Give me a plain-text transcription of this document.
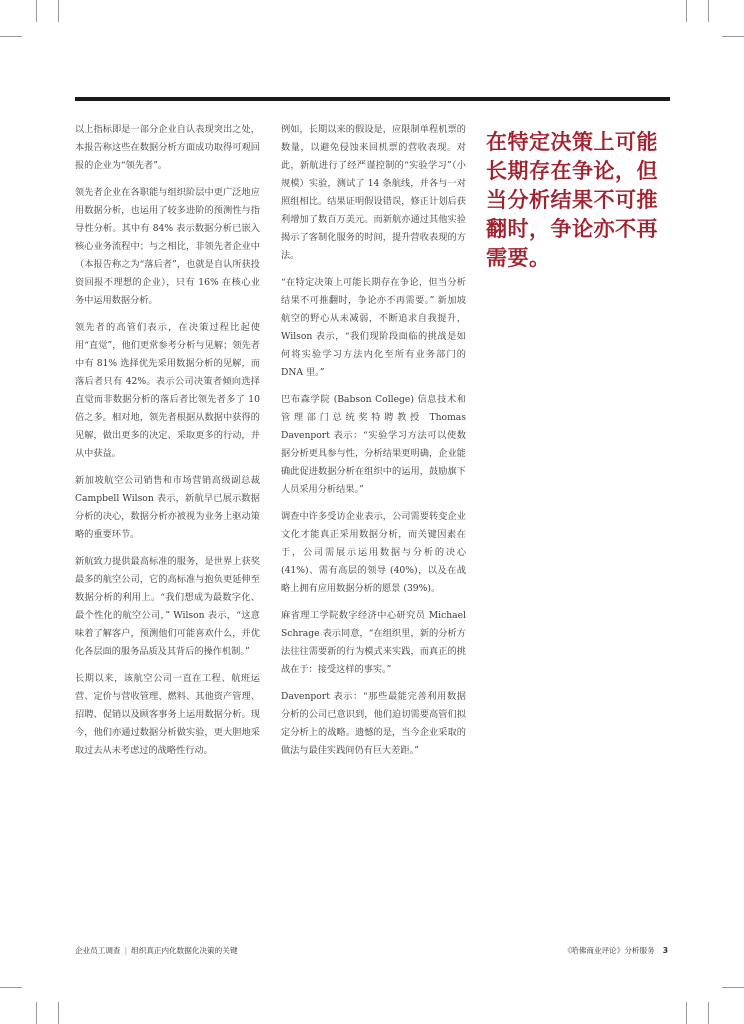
以上指标即是一部分企业自认表现突出之处，本报告称这些在数据分析方面成功取得可观回报的企业为“领先者”。

领先者企业在各职能与组织阶层中更广泛地应用数据分析，也运用了较多进阶的预测性与指导性分析。其中有 84% 表示数据分析已嵌入核心业务流程中；与之相比，非领先者企业中（本报告称之为“落后者”，也就是自认所获投资回报不理想的企业），只有 16% 在核心业务中运用数据分析。

领先者的高管们表示，在决策过程比起使用“直觉”，他们更常参考分析与见解；领先者中有 81% 选择优先采用数据分析的见解，而落后者只有 42%。表示公司决策者倾向选择直觉而非数据分析的落后者比领先者多了 10 倍之多。相对地，领先者根据从数据中获得的见解，做出更多的决定、采取更多的行动，并从中获益。

新加坡航空公司销售和市场营销高级副总裁 Campbell Wilson 表示，新航早已展示数据分析的决心，数据分析亦被视为业务上驱动策略的重要环节。

新航致力提供最高标准的服务，是世界上获奖最多的航空公司，它的高标准与抱负更延伸至数据分析的利用上。“我们想成为最数字化、最个性化的航空公司，” Wilson 表示，“这意味着了解客户，预测他们可能喜欢什么，并优化各层面的服务品质及其背后的操作机制。”

长期以来，该航空公司一直在工程、航班运营、定价与营收管理、燃料、其他资产管理、招聘、促销以及顾客事务上运用数据分析。现今，他们亦通过数据分析做实验，更大胆地采取过去从未考虑过的战略性行动。

例如，长期以来的假设是，应限制单程机票的数量，以避免侵蚀来回机票的营收表现。对此，新航进行了经严谨控制的“实验学习”（小规模）实验，测试了 14 条航线，并各与一对照组相比。结果证明假设错误，修正计划后获利增加了数百万美元。而新航亦通过其他实验揭示了客制化服务的时间，提升营收表现的方法。

“在特定决策上可能长期存在争论，但当分析结果不可推翻时，争论亦不再需要。” 新加坡航空的野心从未减弱，不断追求自我提升，Wilson 表示，“我们现阶段面临的挑战是如何将实验学习方法内化至所有业务部门的 DNA 里。”

巴布森学院 (Babson College) 信息技术和管理部门总统奖特聘教授 Thomas Davenport 表示：“实验学习方法可以使数据分析更具参与性，分析结果更明确，企业能确此促进数据分析在组织中的运用，鼓励旗下人员采用分析结果。”

调查中许多受访企业表示，公司需要转变企业文化才能真正采用数据分析，而关键因素在于，公司需展示运用数据与分析的决心 (41%)、需有高层的领导 (40%)，以及在战略上拥有应用数据分析的愿景 (39%)。

麻省理工学院数字经济中心研究员 Michael Schrage 表示同意，“在组织里，新的分析方法往往需要新的行为模式来实践，而真正的挑战在于：接受这样的事实。”

Davenport 表示：“那些最能完善利用数据分析的公司已意识到，他们迫切需要高管们拟定分析上的战略。遗憾的是，当今企业采取的做法与最佳实践间仍有巨大差距。”

在特定决策上可能长期存在争论，但当分析结果不可推翻时，争论亦不再需要。
企业员工调查 | 组织真正内化数据化决策的关键	《哈佛商业评论》分析服务 3
